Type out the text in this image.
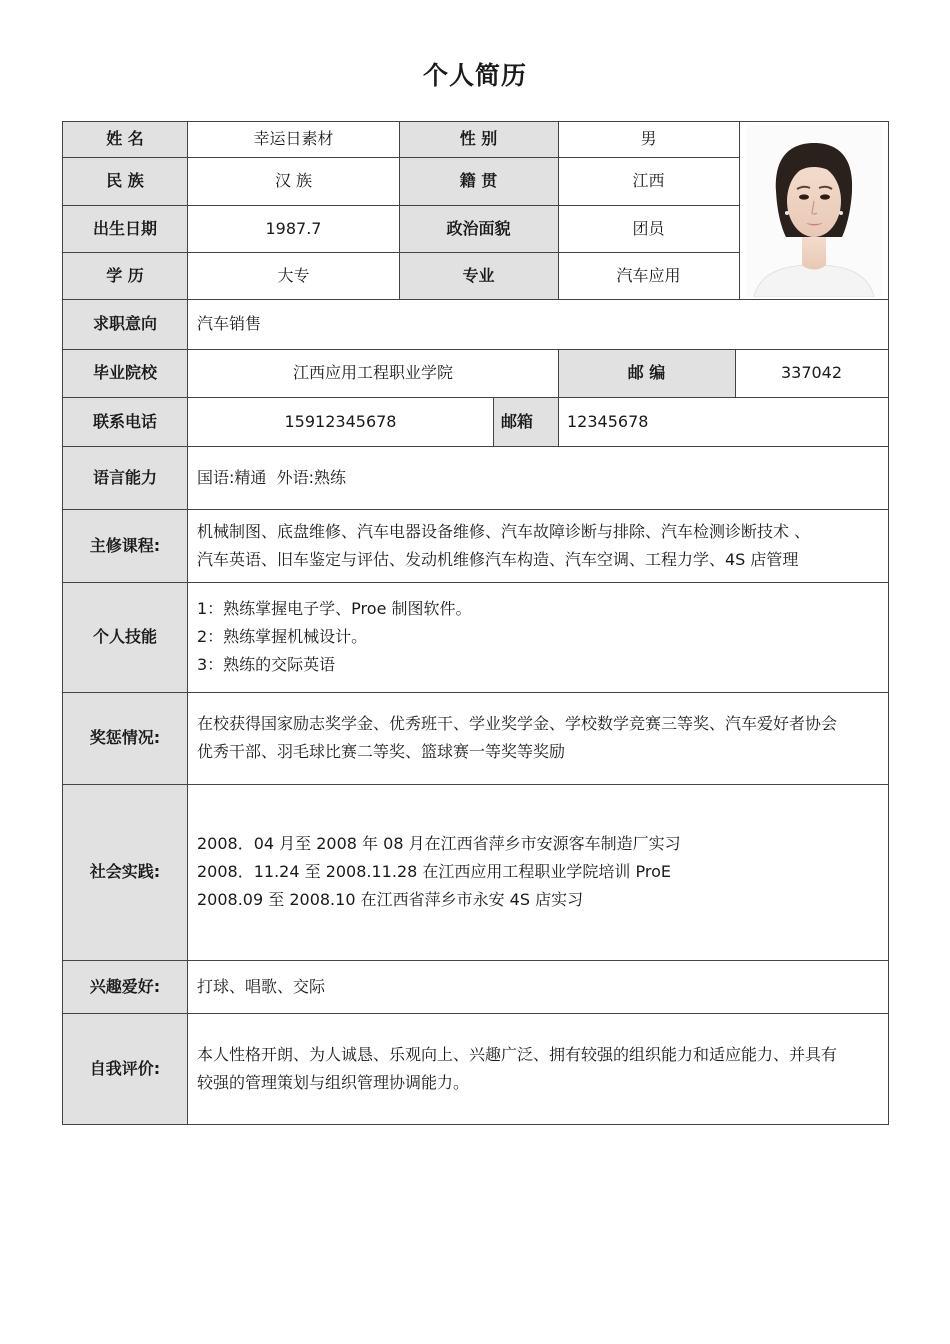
个人简历
姓 名	幸运日素材	性 别	男
民 族	汉 族	籍 贯	江西
出生日期	1987.7	政治面貌	团员
学 历	大专	专业	汽车应用
求职意向	汽车销售
毕业院校	江西应用工程职业学院	邮 编	337042
联系电话	15912345678	邮箱	12345678
语言能力	国语:精通  外语:熟练
主修课程:
机械制图、底盘维修、汽车电器设备维修、汽车故障诊断与排除、汽车检测诊断技术 、
汽车英语、旧车鉴定与评估、发动机维修汽车构造、汽车空调、工程力学、4S 店管理
个人技能
1：熟练掌握电子学、Proe 制图软件。
2：熟练掌握机械设计。
3：熟练的交际英语
奖惩情况:
在校获得国家励志奖学金、优秀班干、学业奖学金、学校数学竞赛三等奖、汽车爱好者协会
优秀干部、羽毛球比赛二等奖、篮球赛一等奖等奖励
社会实践:
2008．04 月至 2008 年 08 月在江西省萍乡市安源客车制造厂实习
2008．11.24 至 2008.11.28 在江西应用工程职业学院培训 ProE
2008.09 至 2008.10 在江西省萍乡市永安 4S 店实习
兴趣爱好:	打球、唱歌、交际
自我评价:
本人性格开朗、为人诚恳、乐观向上、兴趣广泛、拥有较强的组织能力和适应能力、并具有
较强的管理策划与组织管理协调能力。
